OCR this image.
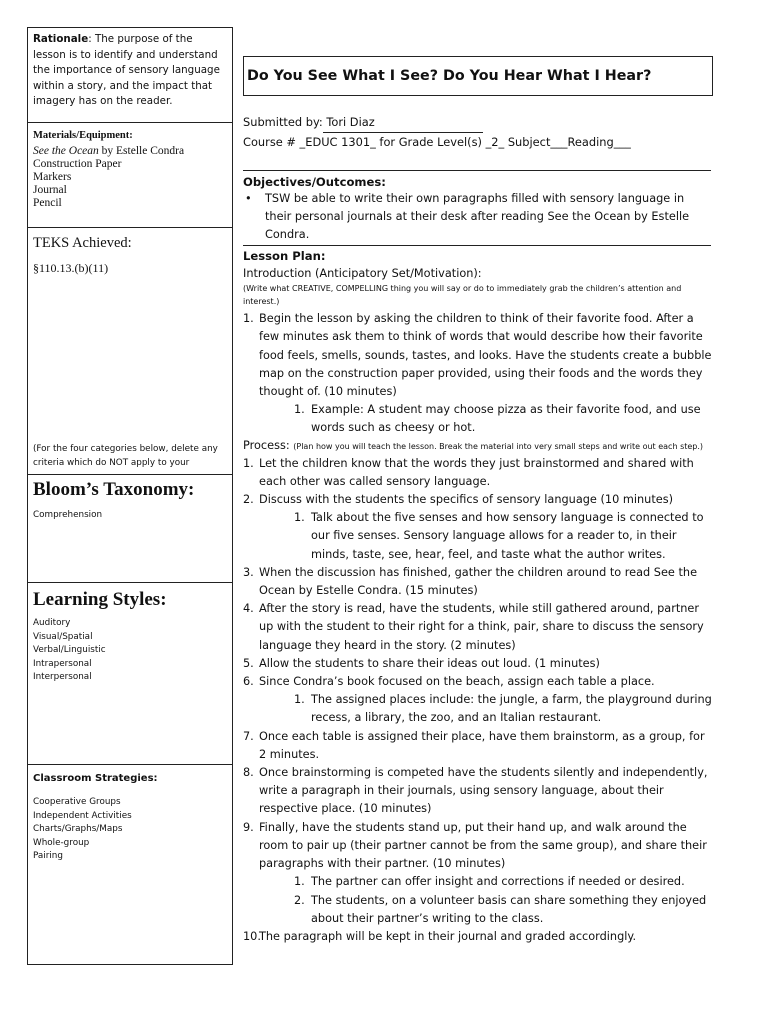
Rationale: The purpose of the lesson is to identify and understand the importance of sensory language within a story, and the impact that imagery has on the reader.
Materials/Equipment:
See the Ocean by Estelle Condra
Construction Paper
Markers
Journal
Pencil
TEKS Achieved:
§110.13.(b)(11)
(For the four categories below, delete any criteria which do NOT apply to your
Bloom’s Taxonomy:
Comprehension
Learning Styles:
Auditory
Visual/Spatial
Verbal/Linguistic
Intrapersonal
Interpersonal
Classroom Strategies:
Cooperative Groups
Independent Activities
Charts/Graphs/Maps
Whole-group
Pairing
Do You See What I See? Do You Hear What I Hear?
Submitted by: Tori Diaz
Course # _EDUC 1301_ for Grade Level(s) _2_ Subject___Reading___
Objectives/Outcomes:
• TSW be able to write their own paragraphs filled with sensory language in their personal journals at their desk after reading See the Ocean by Estelle Condra.
Lesson Plan:
Introduction (Anticipatory Set/Motivation):
(Write what CREATIVE, COMPELLING thing you will say or do to immediately grab the children’s attention and interest.)
1. Begin the lesson by asking the children to think of their favorite food. After a few minutes ask them to think of words that would describe how their favorite food feels, smells, sounds, tastes, and looks. Have the students create a bubble map on the construction paper provided, using their foods and the words they thought of. (10 minutes)
1. Example: A student may choose pizza as their favorite food, and use words such as cheesy or hot.
Process: (Plan how you will teach the lesson. Break the material into very small steps and write out each step.)
1. Let the children know that the words they just brainstormed and shared with each other was called sensory language.
2. Discuss with the students the specifics of sensory language (10 minutes)
1. Talk about the five senses and how sensory language is connected to our five senses. Sensory language allows for a reader to, in their minds, taste, see, hear, feel, and taste what the author writes.
3. When the discussion has finished, gather the children around to read See the Ocean by Estelle Condra. (15 minutes)
4. After the story is read, have the students, while still gathered around, partner up with the student to their right for a think, pair, share to discuss the sensory language they heard in the story. (2 minutes)
5. Allow the students to share their ideas out loud. (1 minutes)
6. Since Condra’s book focused on the beach, assign each table a place.
1. The assigned places include: the jungle, a farm, the playground during recess, a library, the zoo, and an Italian restaurant.
7. Once each table is assigned their place, have them brainstorm, as a group, for 2 minutes.
8. Once brainstorming is competed have the students silently and independently, write a paragraph in their journals, using sensory language, about their respective place. (10 minutes)
9. Finally, have the students stand up, put their hand up, and walk around the room to pair up (their partner cannot be from the same group), and share their paragraphs with their partner. (10 minutes)
1. The partner can offer insight and corrections if needed or desired.
2. The students, on a volunteer basis can share something they enjoyed about their partner’s writing to the class.
10.
The paragraph will be kept in their journal and graded accordingly.
